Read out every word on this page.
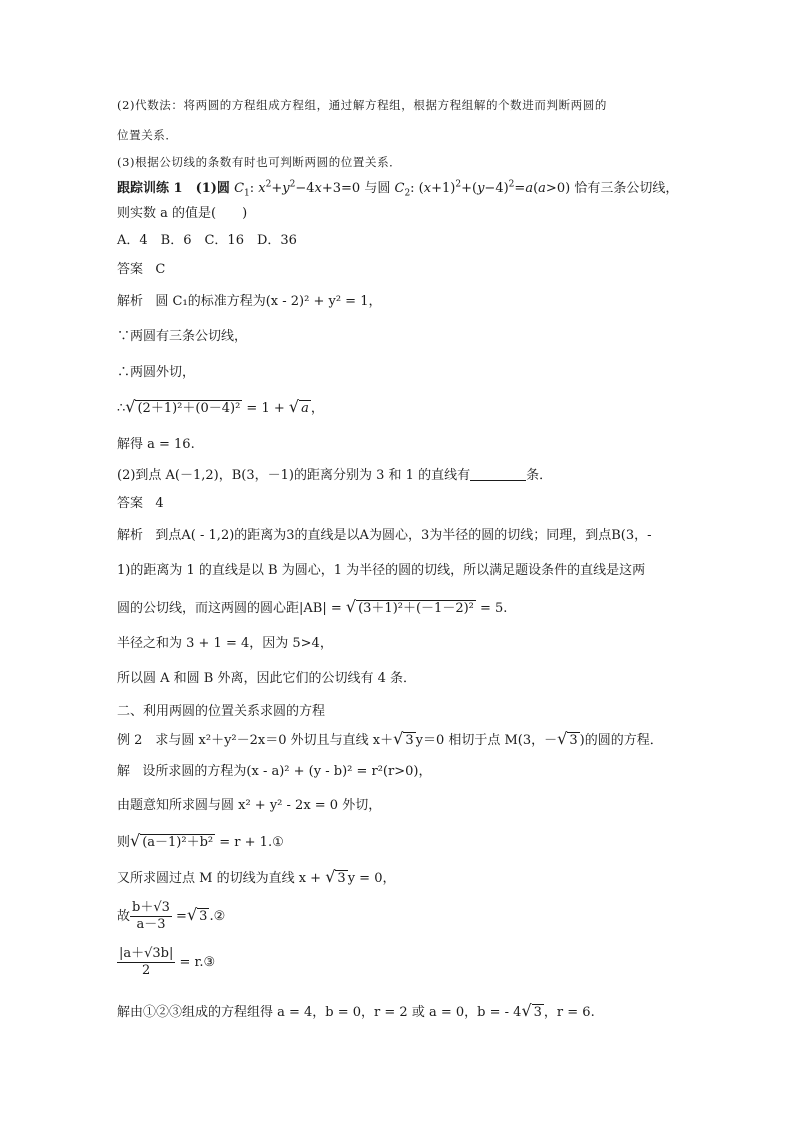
(2)代数法：将两圆的方程组成方程组，通过解方程组，根据方程组解的个数进而判断两圆的
位置关系．
(3)根据公切线的条数有时也可判断两圆的位置关系．
跟踪训练 1　(1)圆 $C_1$: $x^2+y^2-4x+3=0$ 与圆 $C_2$: $(x+1)^2+(y-4)^2=a(a>0)$ 恰有三条公切线，
则实数 a 的值是(　　)
A．4　B．6　C．16　D．36
答案 C
解析 圆 C₁的标准方程为(x - 2)² + y² = 1，
∵两圆有三条公切线，
∴两圆外切，
∴√ (2＋1)²＋(0－4)² = 1 + √ a ，
解得 a = 16.
(2)到点 A(－1,2)，B(3，－1)的距离分别为 3 和 1 的直线有	条．
答案 4
解析 到点A( - 1,2)的距离为3的直线是以A为圆心，3为半径的圆的切线；同理，到点B(3，-
1)的距离为 1 的直线是以 B 为圆心，1 为半径的圆的切线，所以满足题设条件的直线是这两
圆的公切线，而这两圆的圆心距|AB| = √ (3＋1)²＋(－1－2)² = 5.
半径之和为 3 + 1 = 4，因为 5>4，
所以圆 A 和圆 B 外离，因此它们的公切线有 4 条．
二、利用两圆的位置关系求圆的方程
例 2　求与圆 x²＋y²－2x＝0 外切且与直线 x＋√ 3 y＝0 相切于点 M(3，－√ 3 )的圆的方程．
解 设所求圆的方程为(x - a)² + (y - b)² = r²(r>0)，
由题意知所求圆与圆 x² + y² - 2x = 0 外切，
则√ (a－1)²＋b² = r + 1.①
又所求圆过点 M 的切线为直线 x + √ 3 y = 0，
故 $\frac{b+√3}{a-3}$ =√ 3 .②
$\frac{|a+√3b|}{2}$ = r.③
解由①②③组成的方程组得 a = 4，b = 0，r = 2 或 a = 0，b = - 4√ 3 ，r = 6.
